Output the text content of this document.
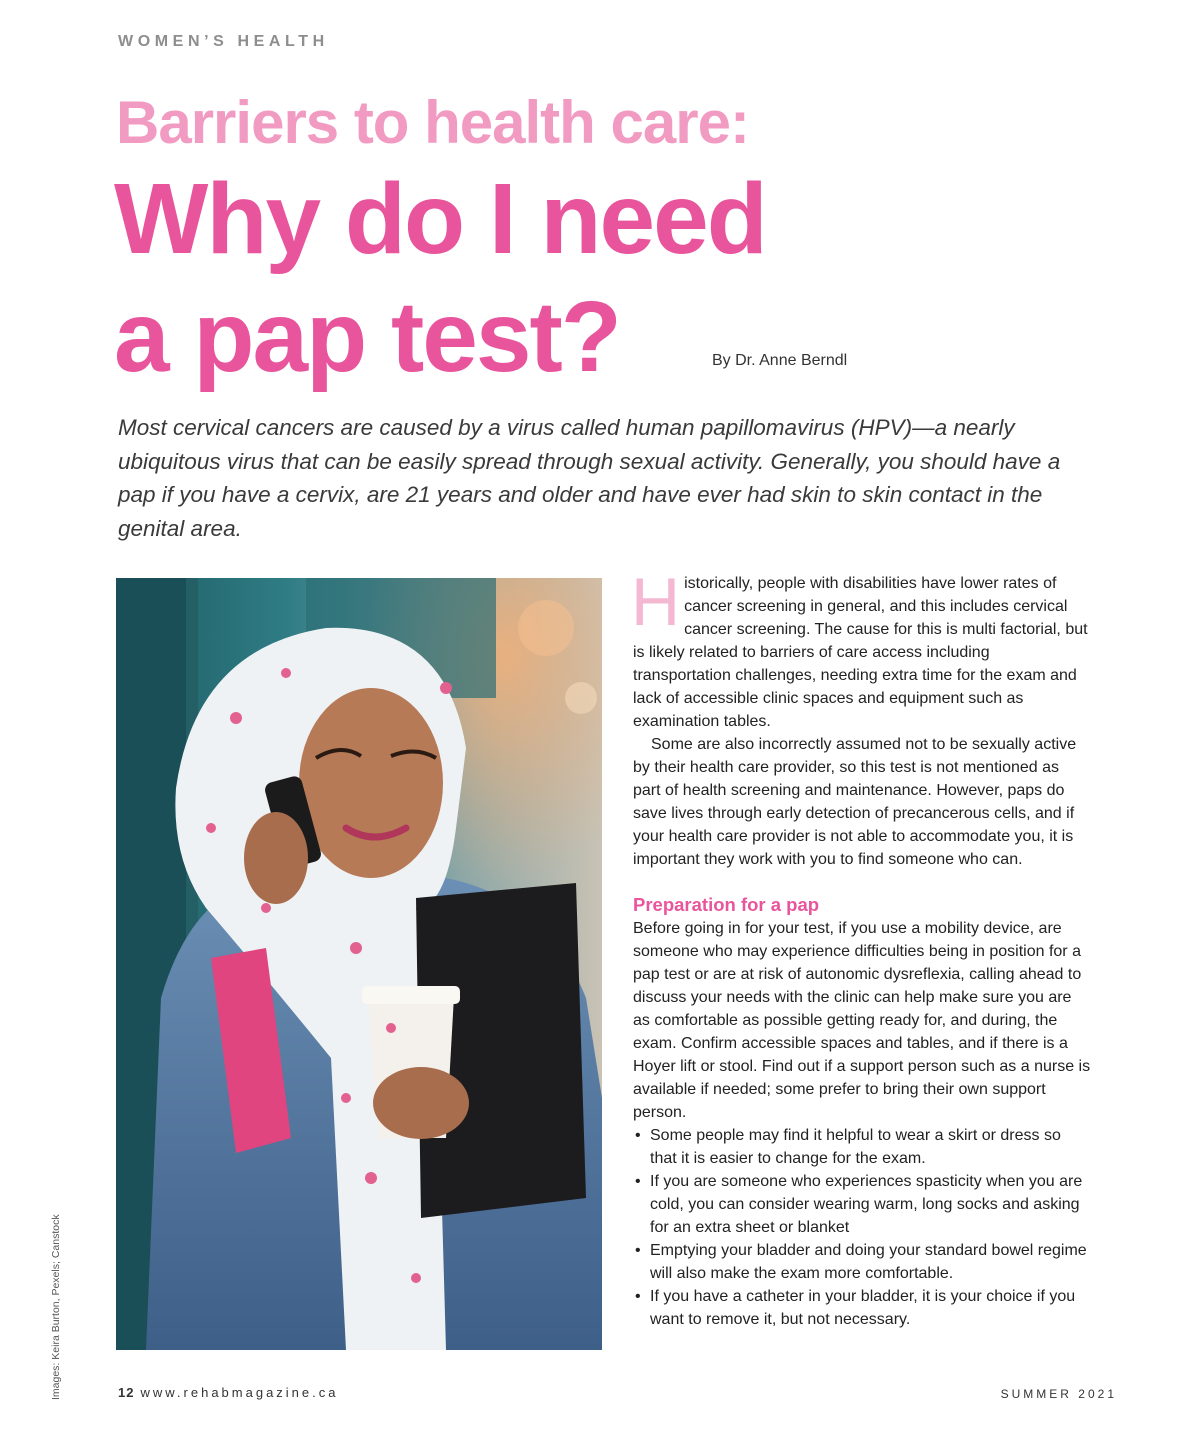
WOMEN’S HEALTH
Barriers to health care:
Why do I need
a pap test?	By Dr. Anne Berndl

Most cervical cancers are caused by a virus called human papillomavirus (HPV)—a nearly ubiquitous virus that can be easily spread through sexual activity. Generally, you should have a pap if you have a cervix, are 21 years and older and have ever had skin to skin contact in the genital area.

Images: Keira Burton, Pexels; Canstock

Historically, people with disabilities have lower rates of cancer screening in general, and this includes cervical cancer screening. The cause for this is multi factorial, but is likely related to barriers of care access including transportation challenges, needing extra time for the exam and lack of accessible clinic spaces and equipment such as examination tables.

Some are also incorrectly assumed not to be sexually active by their health care provider, so this test is not mentioned as part of health screening and maintenance. However, paps do save lives through early detection of precancerous cells, and if your health care provider is not able to accommodate you, it is important they work with you to find someone who can.

Preparation for a pap

Before going in for your test, if you use a mobility device, are someone who may experience difficulties being in position for a pap test or are at risk of autonomic dysreflexia, calling ahead to discuss your needs with the clinic can help make sure you are as comfortable as possible getting ready for, and during, the exam. Confirm accessible spaces and tables, and if there is a Hoyer lift or stool. Find out if a support person such as a nurse is available if needed; some prefer to bring their own support person.

• Some people may find it helpful to wear a skirt or dress so that it is easier to change for the exam.
• If you are someone who experiences spasticity when you are cold, you can consider wearing warm, long socks and asking for an extra sheet or blanket
• Emptying your bladder and doing your standard bowel regime will also make the exam more comfortable.
• If you have a catheter in your bladder, it is your choice if you want to remove it, but not necessary.
12 www.rehabmagazine.ca	SUMMER 2021
